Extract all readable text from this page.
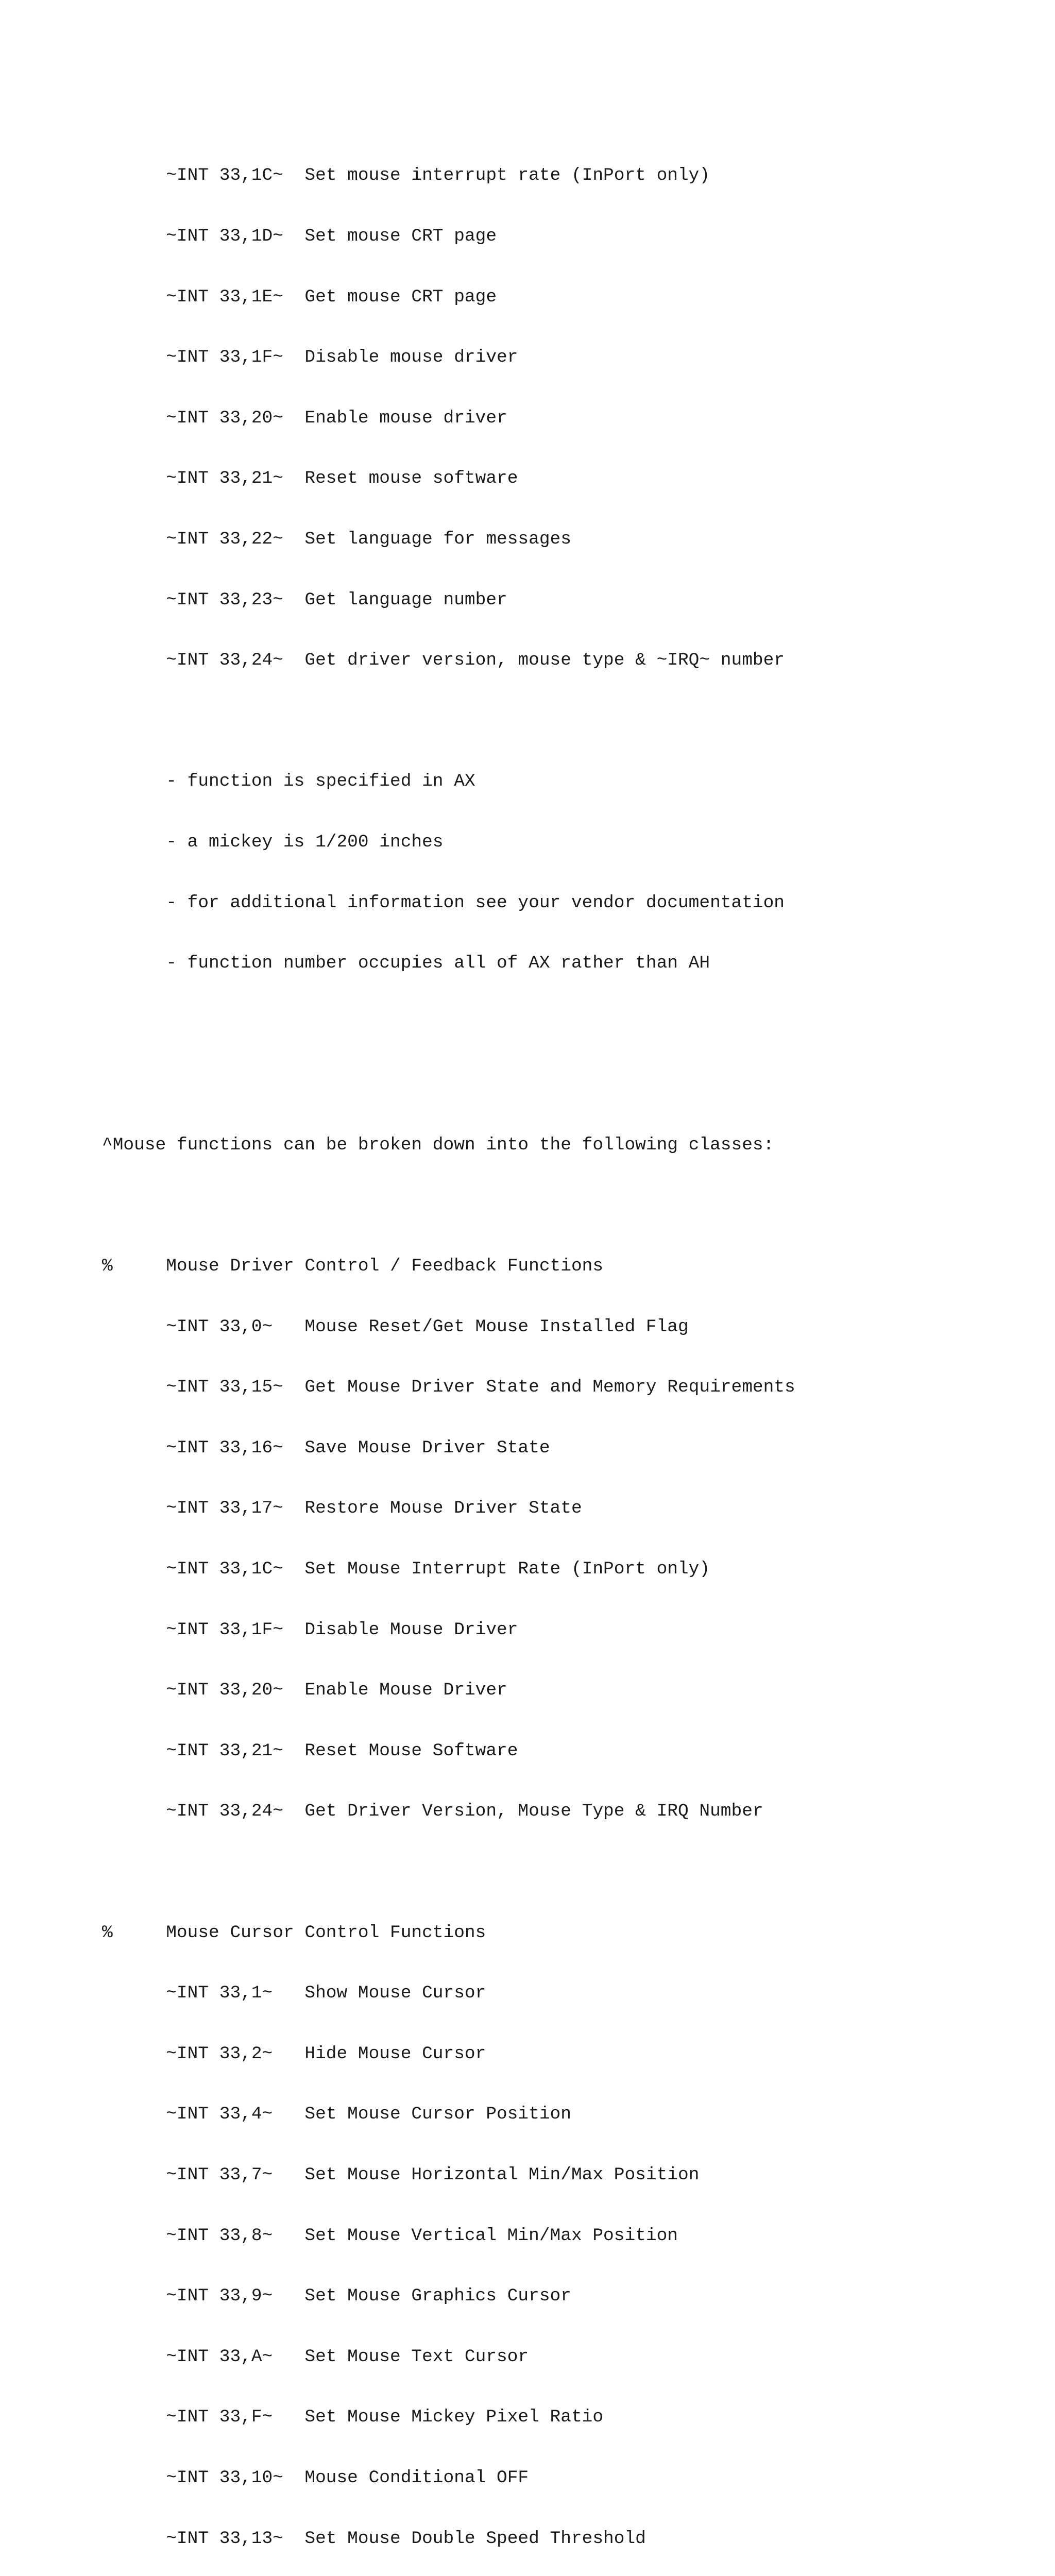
~INT 33,1C~  Set mouse interrupt rate (InPort only)

~INT 33,1D~  Set mouse CRT page

~INT 33,1E~  Get mouse CRT page

~INT 33,1F~  Disable mouse driver

~INT 33,20~  Enable mouse driver

~INT 33,21~  Reset mouse software

~INT 33,22~  Set language for messages

~INT 33,23~  Get language number

~INT 33,24~  Get driver version, mouse type & ~IRQ~ number

- function is specified in AX

- a mickey is 1/200 inches

- for additional information see your vendor documentation

- function number occupies all of AX rather than AH

^Mouse functions can be broken down into the following classes:

%     Mouse Driver Control / Feedback Functions

~INT 33,0~   Mouse Reset/Get Mouse Installed Flag

~INT 33,15~  Get Mouse Driver State and Memory Requirements

~INT 33,16~  Save Mouse Driver State

~INT 33,17~  Restore Mouse Driver State

~INT 33,1C~  Set Mouse Interrupt Rate (InPort only)

~INT 33,1F~  Disable Mouse Driver

~INT 33,20~  Enable Mouse Driver

~INT 33,21~  Reset Mouse Software

~INT 33,24~  Get Driver Version, Mouse Type & IRQ Number

%     Mouse Cursor Control Functions

~INT 33,1~   Show Mouse Cursor

~INT 33,2~   Hide Mouse Cursor

~INT 33,4~   Set Mouse Cursor Position

~INT 33,7~   Set Mouse Horizontal Min/Max Position

~INT 33,8~   Set Mouse Vertical Min/Max Position

~INT 33,9~   Set Mouse Graphics Cursor

~INT 33,A~   Set Mouse Text Cursor

~INT 33,F~   Set Mouse Mickey Pixel Ratio

~INT 33,10~  Mouse Conditional OFF

~INT 33,13~  Set Mouse Double Speed Threshold
